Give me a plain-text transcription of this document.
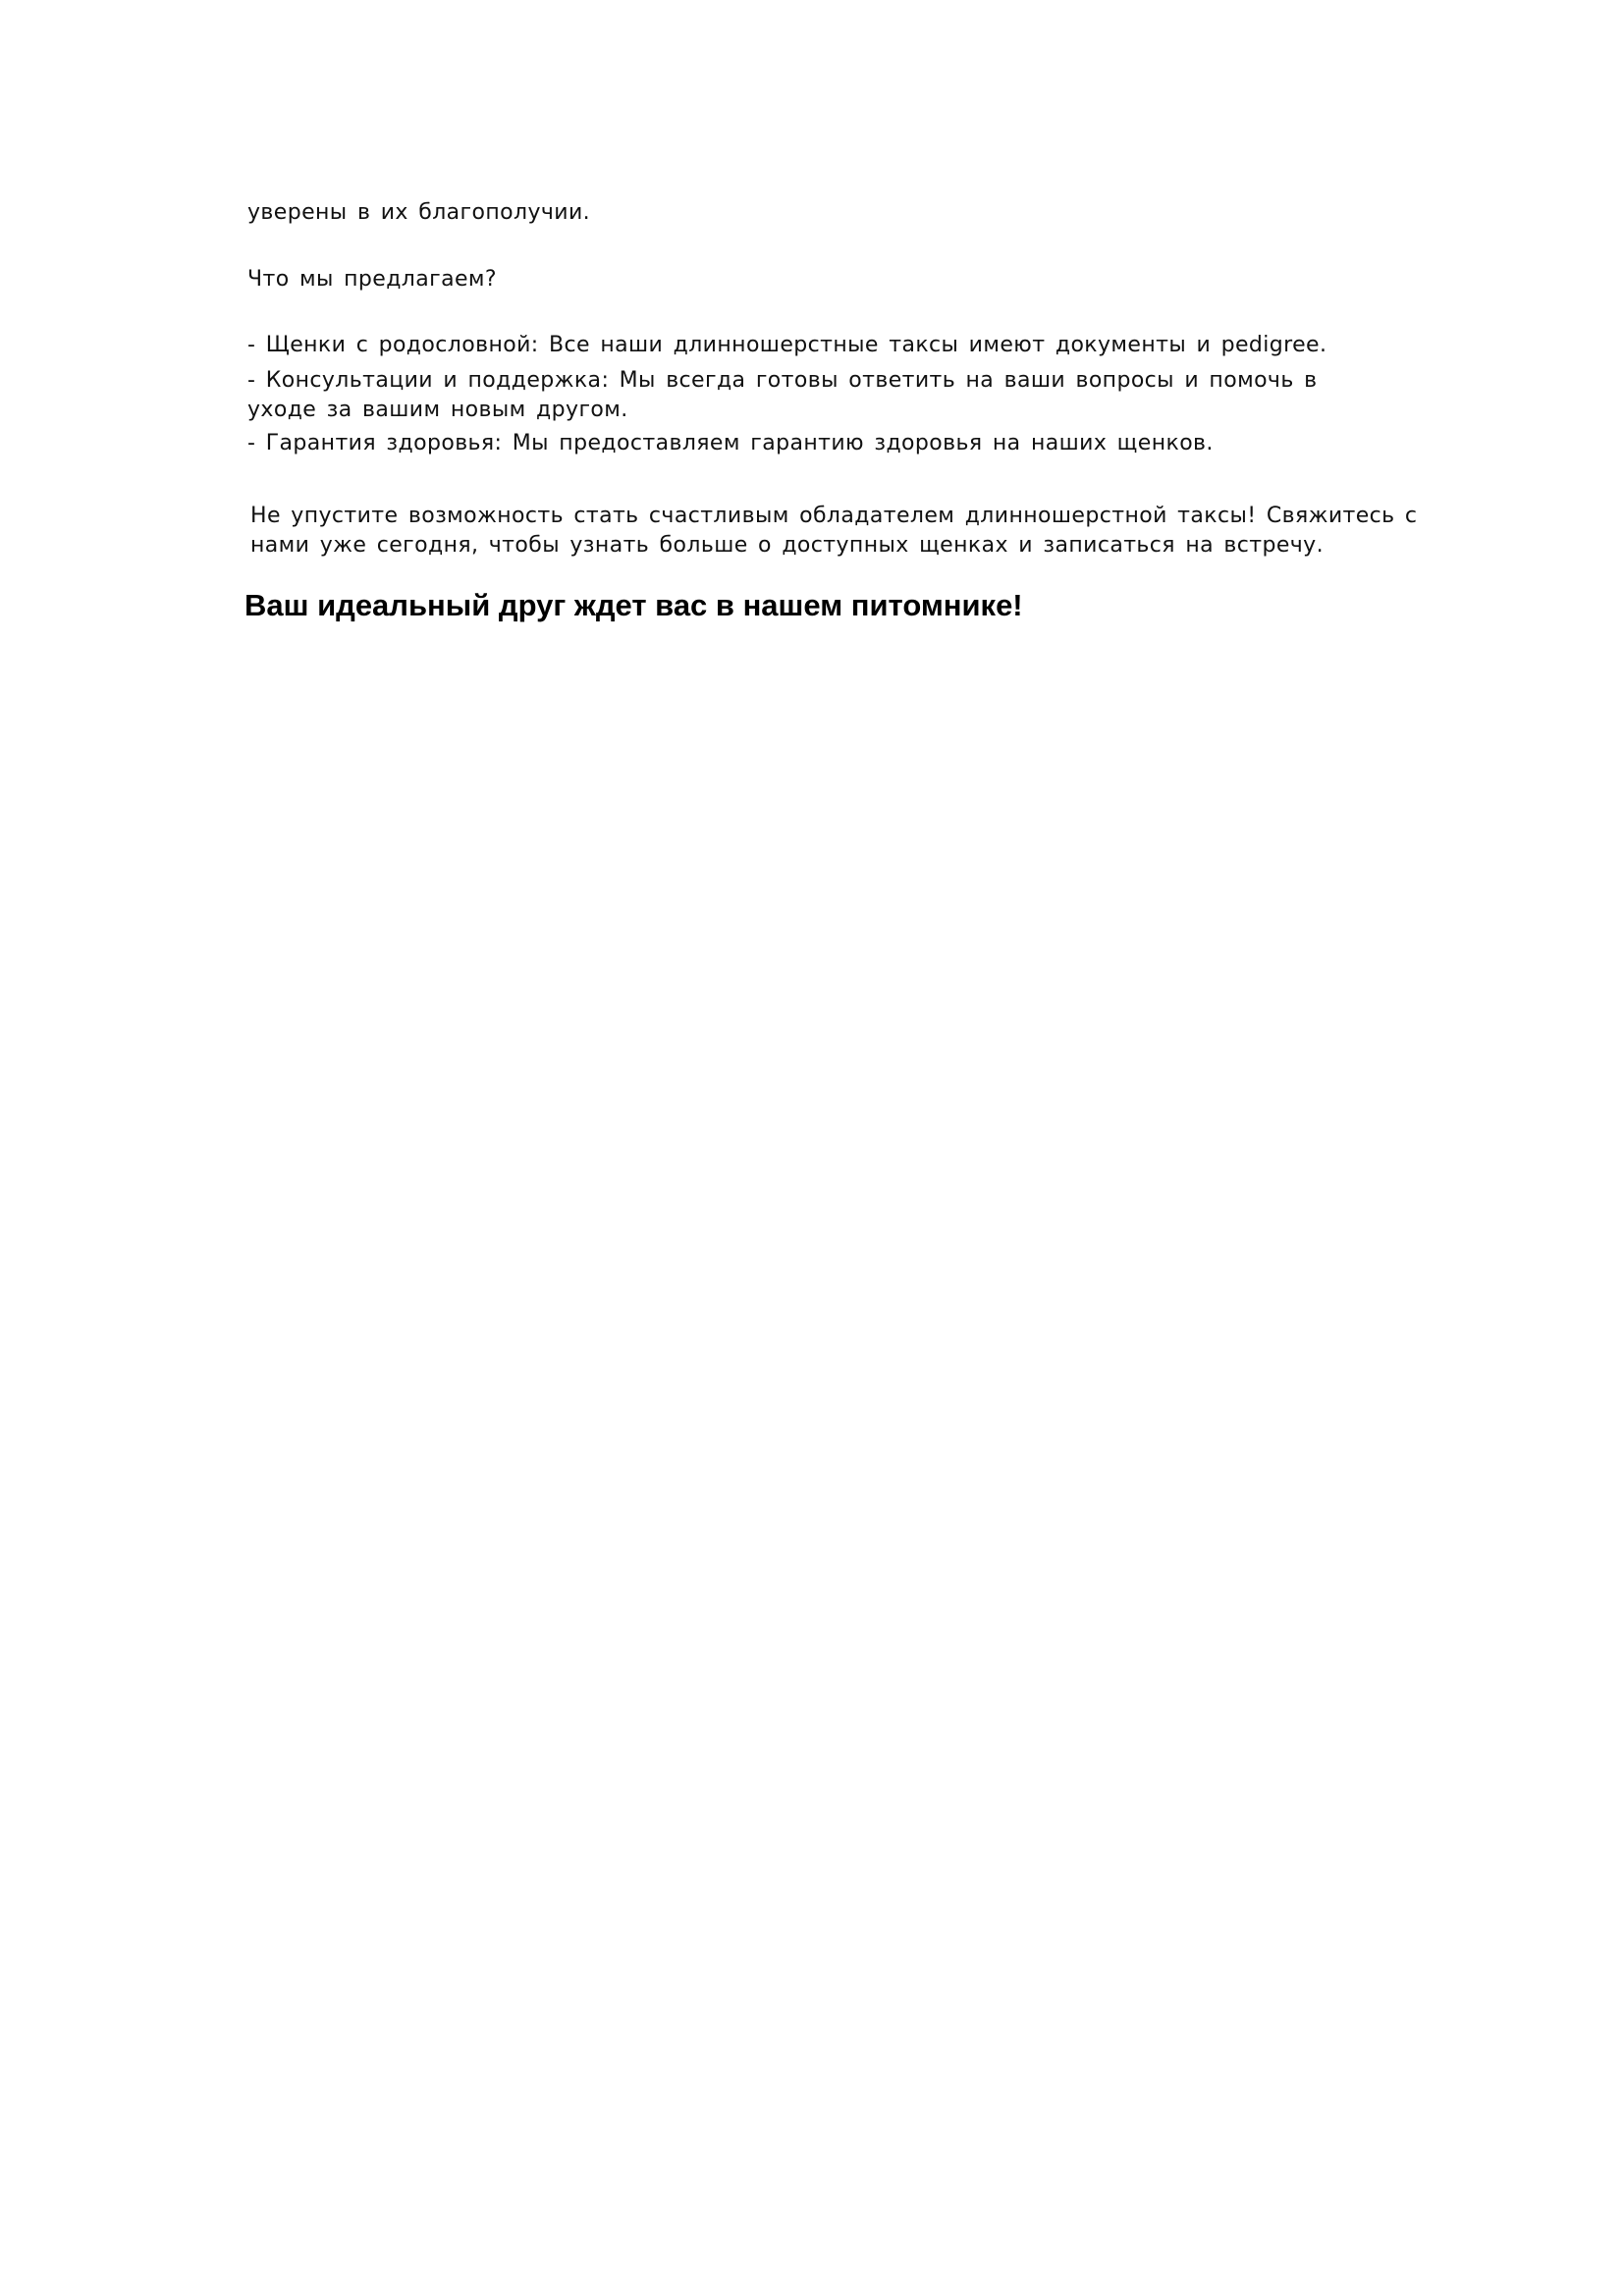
уверены в их благополучии.
Что мы предлагаем?
- Щенки с родословной: Все наши длинношерстные таксы имеют документы и pedigree.
- Консультации и поддержка: Мы всегда готовы ответить на ваши вопросы и помочь в
уходе за вашим новым другом.
- Гарантия здоровья: Мы предоставляем гарантию здоровья на наших щенков.
Не упустите возможность стать счастливым обладателем длинношерстной таксы! Свяжитесь с
нами уже сегодня, чтобы узнать больше о доступных щенках и записаться на встречу.
Ваш идеальный друг ждет вас в нашем питомнике!
